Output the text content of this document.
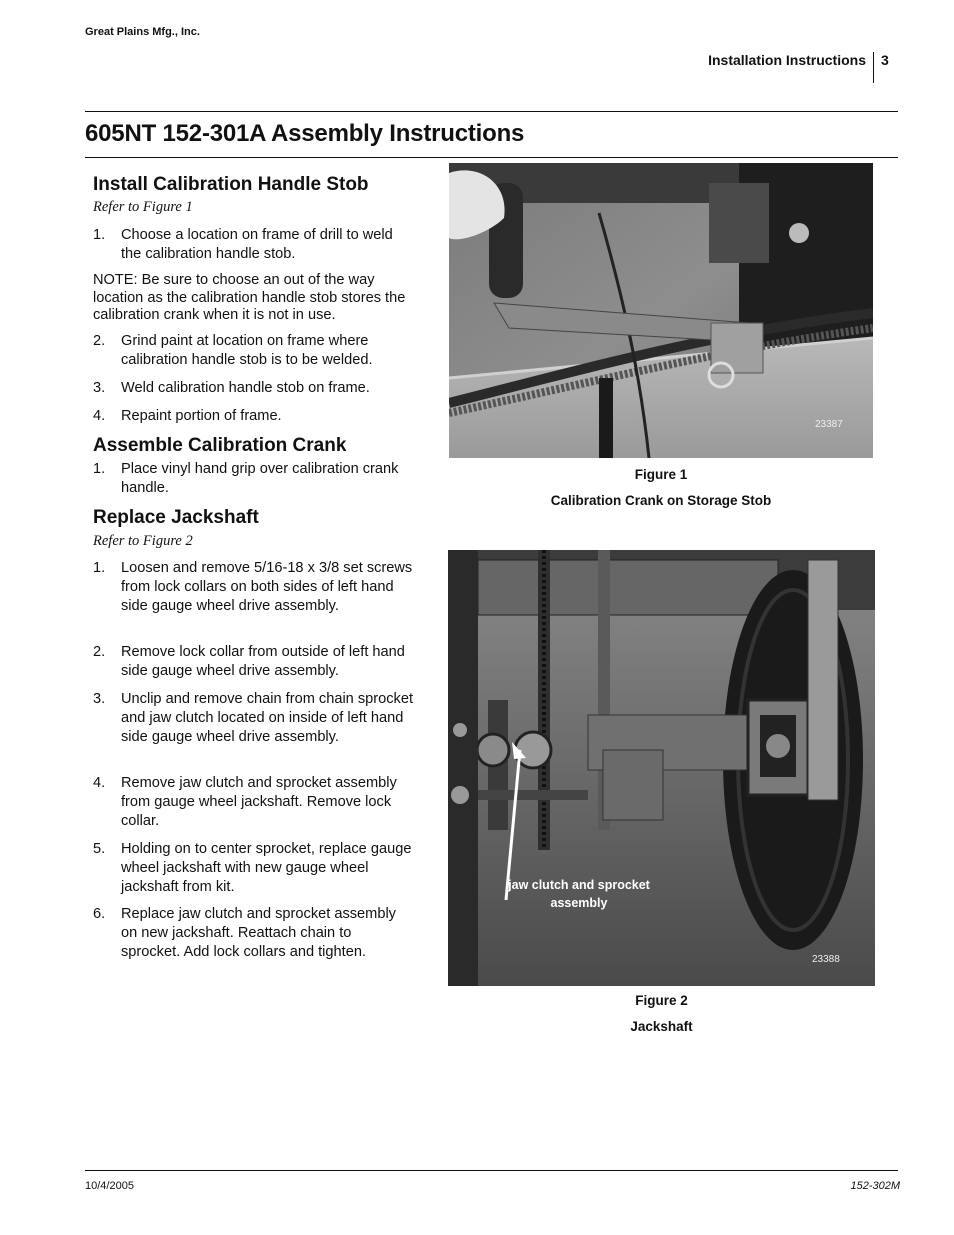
Great Plains Mfg., Inc.
Installation Instructions 3
605NT 152-301A Assembly Instructions
Install Calibration Handle Stob
Refer to Figure 1
1. Choose a location on frame of drill to weld the calibration handle stob.
NOTE: Be sure to choose an out of the way location as the calibration handle stob stores the calibration crank when it is not in use.
2. Grind paint at location on frame where calibration handle stob is to be welded.
3. Weld calibration handle stob on frame.
4. Repaint portion of frame.
Assemble Calibration Crank
1. Place vinyl hand grip over calibration crank handle.
Replace Jackshaft
Refer to Figure 2
1. Loosen and remove 5/16-18 x 3/8 set screws from lock collars on both sides of left hand side gauge wheel drive assembly.
2. Remove lock collar from outside of left hand side gauge wheel drive assembly.
3. Unclip and remove chain from chain sprocket and jaw clutch located on inside of left hand side gauge wheel drive assembly.
4. Remove jaw clutch and sprocket assembly from gauge wheel jackshaft. Remove lock collar.
5. Holding on to center sprocket, replace gauge wheel jackshaft with new gauge wheel jackshaft from kit.
6. Replace jaw clutch and sprocket assembly on new jackshaft. Reattach chain to sprocket. Add lock collars and tighten.
23387
Figure 1
Calibration Crank on Storage Stob
jaw clutch and sprocket
assembly
23388
Figure 2
Jackshaft
10/4/2005	152-302M
